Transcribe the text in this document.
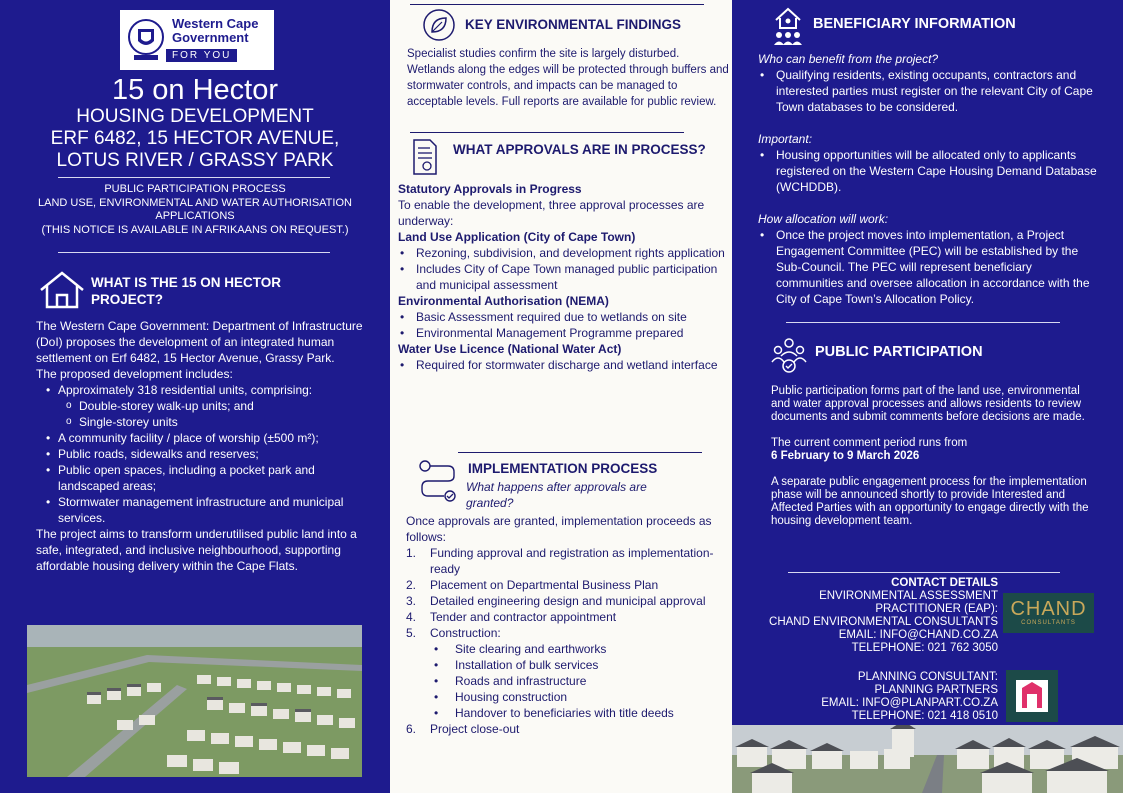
Western Cape
Government
FOR YOU
15 on Hector
HOUSING DEVELOPMENT
ERF 6482, 15 HECTOR AVENUE,
LOTUS RIVER / GRASSY PARK
PUBLIC PARTICIPATION PROCESS
LAND USE, ENVIRONMENTAL AND WATER AUTHORISATION
APPLICATIONS
(THIS NOTICE IS AVAILABLE IN AFRIKAANS ON REQUEST.)
WHAT IS THE 15 ON HECTOR
PROJECT?
The Western Cape Government: Department of Infrastructure (DoI) proposes the development of an integrated human settlement on Erf 6482, 15 Hector Avenue, Grassy Park.
The proposed development includes:
• Approximately 318 residential units, comprising:
o Double-storey walk-up units; and
o Single-storey units
• A community facility / place of worship (±500 m²);
• Public roads, sidewalks and reserves;
• Public open spaces, including a pocket park and landscaped areas;
• Stormwater management infrastructure and municipal services.
The project aims to transform underutilised public land into a safe, integrated, and inclusive neighbourhood, supporting affordable housing delivery within the Cape Flats.
KEY ENVIRONMENTAL FINDINGS
Specialist studies confirm the site is largely disturbed. Wetlands along the edges will be protected through buffers and stormwater controls, and impacts can be managed to acceptable levels. Full reports are available for public review.
WHAT APPROVALS ARE IN PROCESS?
Statutory Approvals in Progress
To enable the development, three approval processes are underway:
Land Use Application (City of Cape Town)
• Rezoning, subdivision, and development rights application
• Includes City of Cape Town managed public participation and municipal assessment
Environmental Authorisation (NEMA)
• Basic Assessment required due to wetlands on site
• Environmental Management Programme prepared
Water Use Licence (National Water Act)
• Required for stormwater discharge and wetland interface
IMPLEMENTATION PROCESS
What happens after approvals are granted?
Once approvals are granted, implementation proceeds as follows:
1. Funding approval and registration as implementation-ready
2. Placement on Departmental Business Plan
3. Detailed engineering design and municipal approval
4. Tender and contractor appointment
5. Construction:
• Site clearing and earthworks
• Installation of bulk services
• Roads and infrastructure
• Housing construction
• Handover to beneficiaries with title deeds
6. Project close-out
BENEFICIARY INFORMATION
Who can benefit from the project?
• Qualifying residents, existing occupants, contractors and interested parties must register on the relevant City of Cape Town databases to be considered.
Important:
• Housing opportunities will be allocated only to applicants registered on the Western Cape Housing Demand Database (WCHDDB).
How allocation will work:
• Once the project moves into implementation, a Project Engagement Committee (PEC) will be established by the Sub-Council. The PEC will represent beneficiary communities and oversee allocation in accordance with the City of Cape Town’s Allocation Policy.
PUBLIC PARTICIPATION
Public participation forms part of the land use, environmental and water approval processes and allows residents to review documents and submit comments before decisions are made.
The current comment period runs from
6 February to 9 March 2026
A separate public engagement process for the implementation phase will be announced shortly to provide Interested and Affected Parties with an opportunity to engage directly with the housing development team.
CONTACT DETAILS
ENVIRONMENTAL ASSESSMENT
PRACTITIONER (EAP):
CHAND ENVIRONMENTAL CONSULTANTS
EMAIL: INFO@CHAND.CO.ZA
TELEPHONE: 021 762 3050
CHAND
CONSULTANTS
PLANNING CONSULTANT:
PLANNING PARTNERS
EMAIL: INFO@PLANPART.CO.ZA
TELEPHONE: 021 418 0510
